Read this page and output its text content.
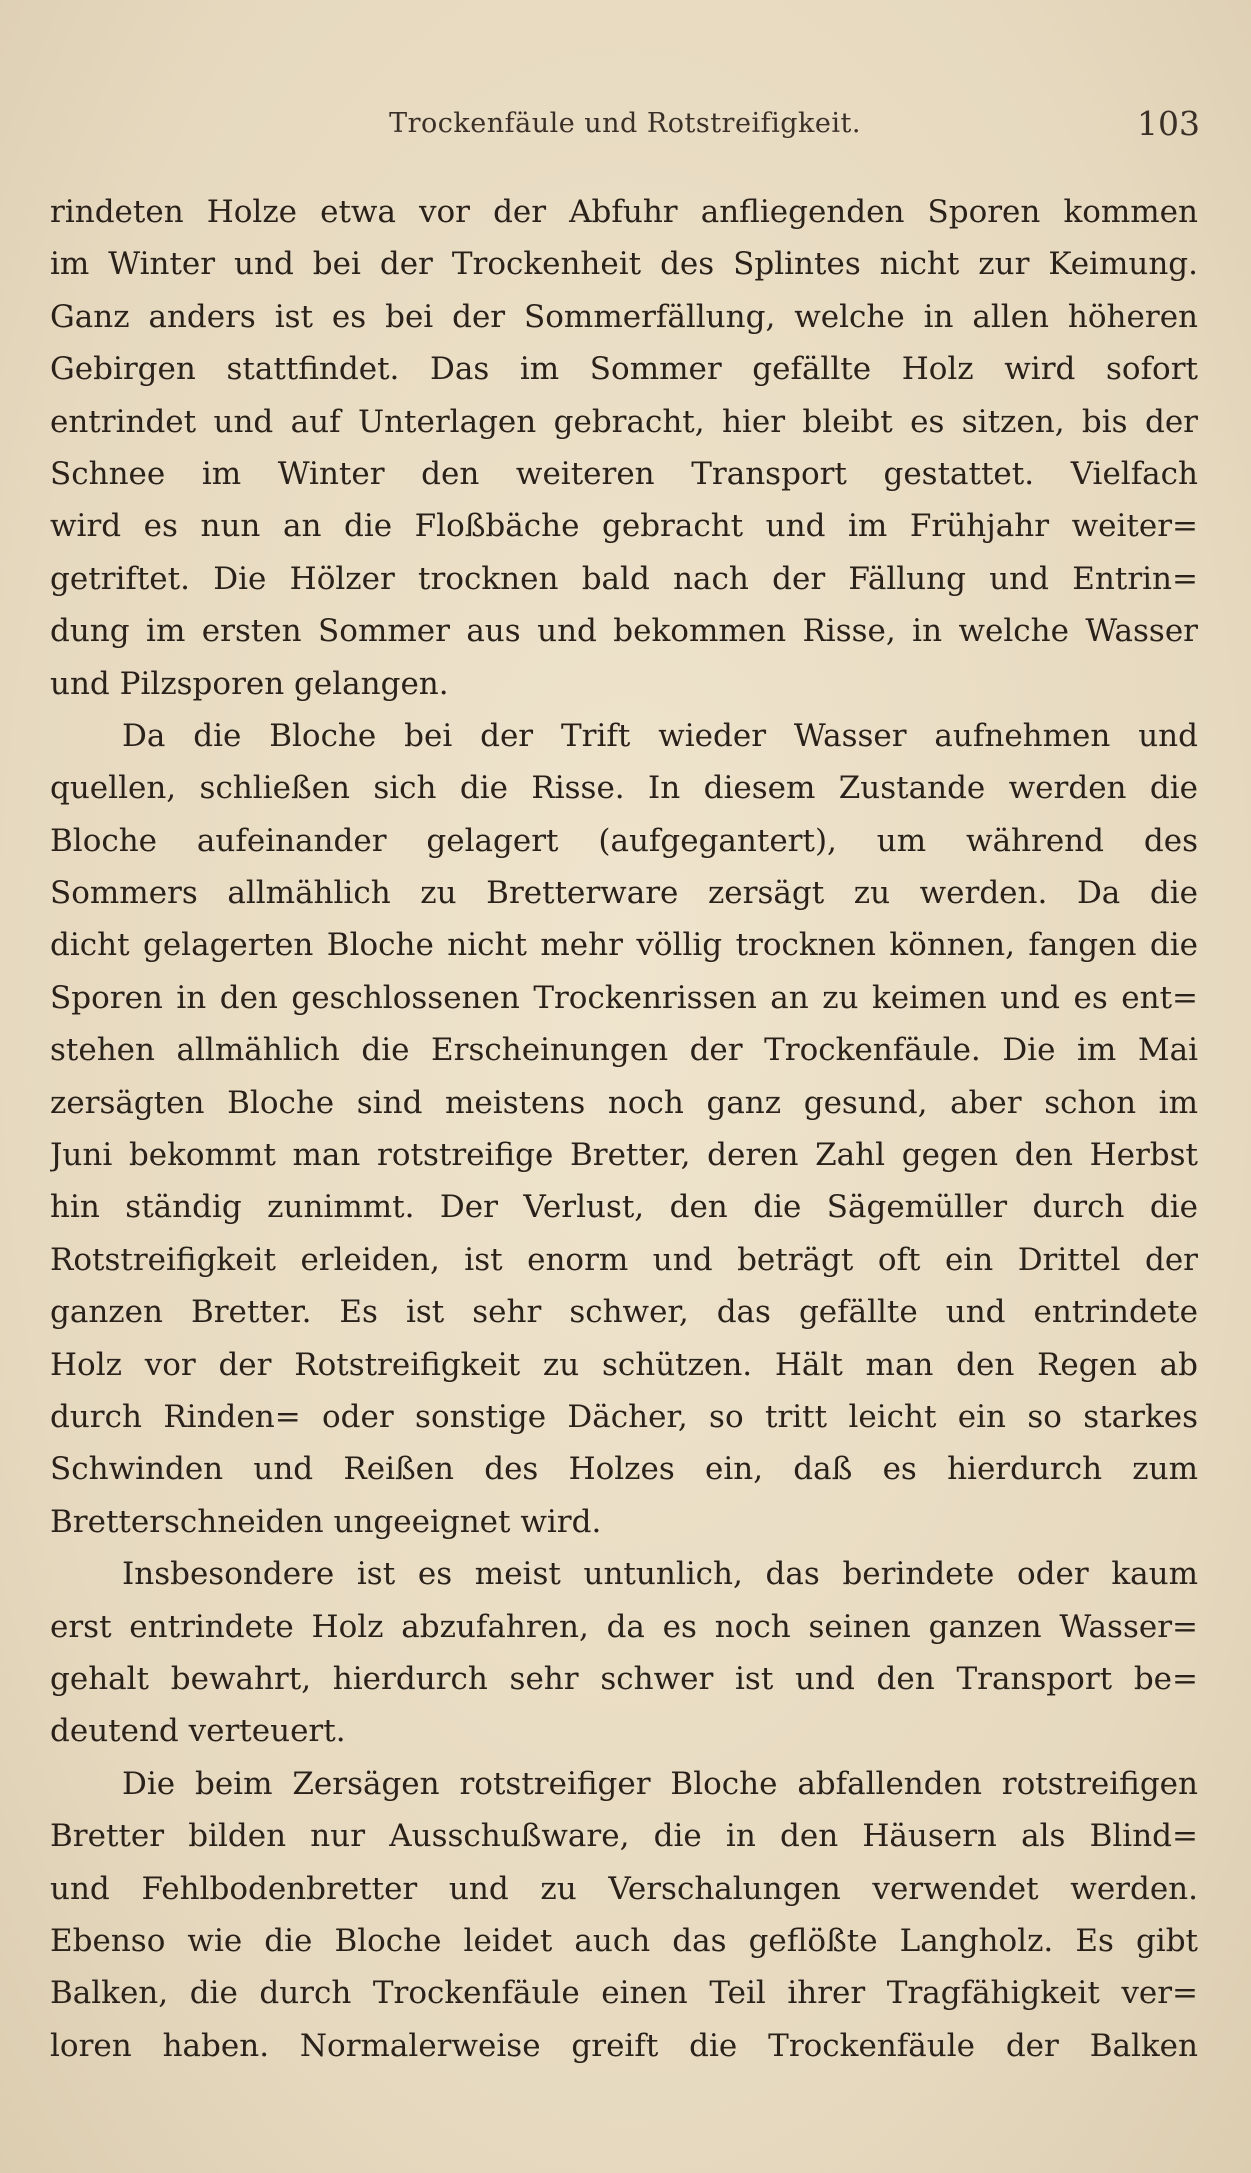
Trockenfäule und Rotstreifigkeit.	103
rindeten Holze etwa vor der Abfuhr anfliegenden Sporen kommen
im Winter und bei der Trockenheit des Splintes nicht zur Keimung.
Ganz anders ist es bei der Sommerfällung, welche in allen höheren
Gebirgen stattfindet. Das im Sommer gefällte Holz wird sofort
entrindet und auf Unterlagen gebracht, hier bleibt es sitzen, bis der
Schnee im Winter den weiteren Transport gestattet. Vielfach
wird es nun an die Floßbäche gebracht und im Frühjahr weiter=
getriftet. Die Hölzer trocknen bald nach der Fällung und Entrin=
dung im ersten Sommer aus und bekommen Risse, in welche Wasser
und Pilzsporen gelangen.
Da die Bloche bei der Trift wieder Wasser aufnehmen und
quellen, schließen sich die Risse. In diesem Zustande werden die
Bloche aufeinander gelagert (aufgegantert), um während des
Sommers allmählich zu Bretterware zersägt zu werden. Da die
dicht gelagerten Bloche nicht mehr völlig trocknen können, fangen die
Sporen in den geschlossenen Trockenrissen an zu keimen und es ent=
stehen allmählich die Erscheinungen der Trockenfäule. Die im Mai
zersägten Bloche sind meistens noch ganz gesund, aber schon im
Juni bekommt man rotstreifige Bretter, deren Zahl gegen den Herbst
hin ständig zunimmt. Der Verlust, den die Sägemüller durch die
Rotstreifigkeit erleiden, ist enorm und beträgt oft ein Drittel der
ganzen Bretter. Es ist sehr schwer, das gefällte und entrindete
Holz vor der Rotstreifigkeit zu schützen. Hält man den Regen ab
durch Rinden= oder sonstige Dächer, so tritt leicht ein so starkes
Schwinden und Reißen des Holzes ein, daß es hierdurch zum
Bretterschneiden ungeeignet wird.
Insbesondere ist es meist untunlich, das berindete oder kaum
erst entrindete Holz abzufahren, da es noch seinen ganzen Wasser=
gehalt bewahrt, hierdurch sehr schwer ist und den Transport be=
deutend verteuert.
Die beim Zersägen rotstreifiger Bloche abfallenden rotstreifigen
Bretter bilden nur Ausschußware, die in den Häusern als Blind=
und Fehlbodenbretter und zu Verschalungen verwendet werden.
Ebenso wie die Bloche leidet auch das geflößte Langholz. Es gibt
Balken, die durch Trockenfäule einen Teil ihrer Tragfähigkeit ver=
loren haben. Normalerweise greift die Trockenfäule der Balken
